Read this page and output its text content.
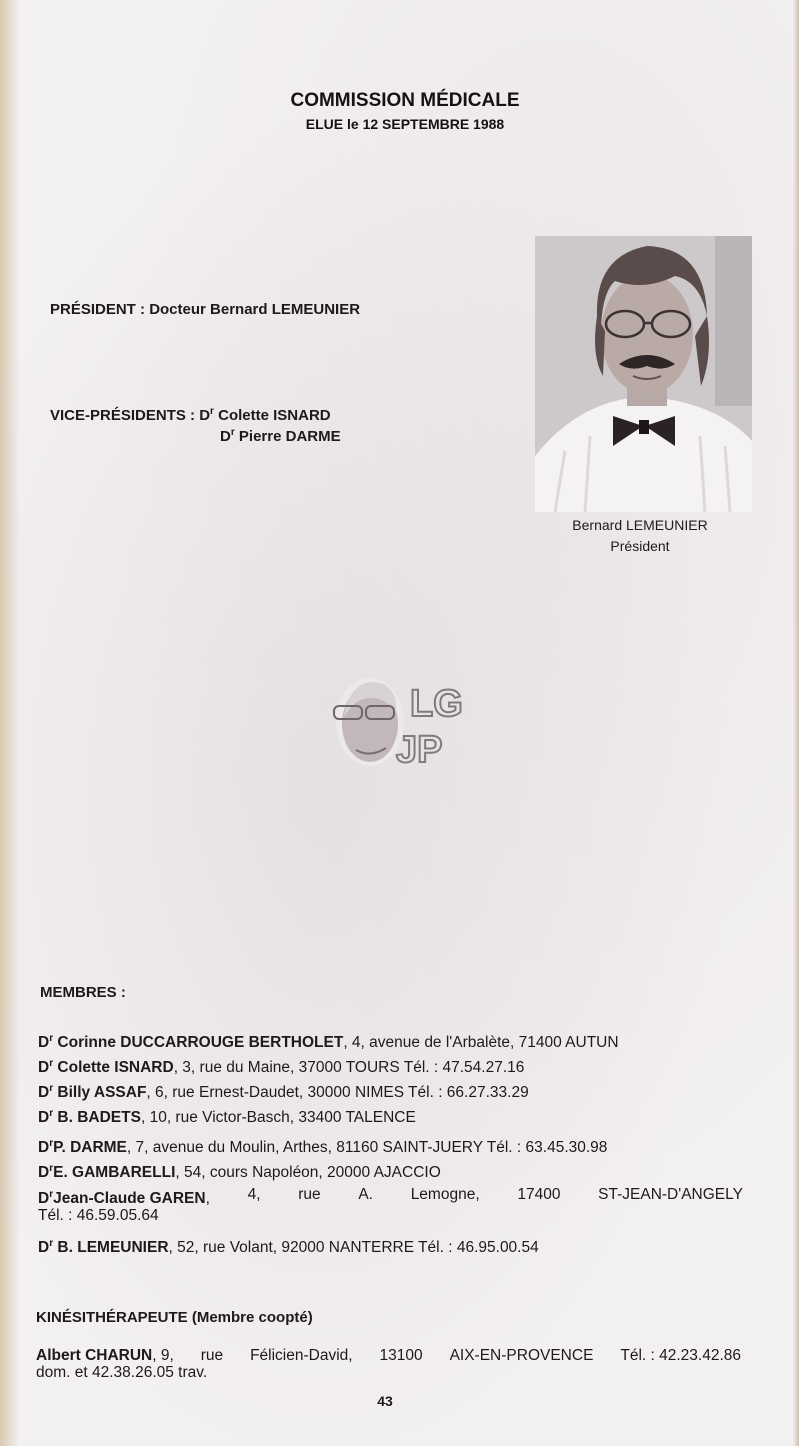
COMMISSION MÉDICALE
ELUE le 12 SEPTEMBRE 1988
PRÉSIDENT : Docteur Bernard LEMEUNIER
VICE-PRÉSIDENTS : $D^r$ Colette ISNARD
$D^r$ Pierre DARME
Bernard LEMEUNIER
Président
LG
JP
MEMBRES :
$D^r$ Corinne DUCCARROUGE BERTHOLET, 4, avenue de l'Arbalète, 71400 AUTUN
$D^r$ Colette ISNARD, 3, rue du Maine, 37000 TOURS Tél. : 47.54.27.16
$D^r$ Billy ASSAF, 6, rue Ernest-Daudet, 30000 NIMES Tél. : 66.27.33.29
$D^r$ B. BADETS, 10, rue Victor-Basch, 33400 TALENCE
$D^rP$. DARME, 7, avenue du Moulin, Arthes, 81160 SAINT-JUERY Tél. : 63.45.30.98
$D^rE$. GAMBARELLI, 54, cours Napoléon, 20000 AJACCIO
$D^rJean$-Claude GAREN, 4, rue A. Lemogne, 17400 ST-JEAN-D'ANGELY
Tél. : 46.59.05.64
$D^r$ B. LEMEUNIER, 52, rue Volant, 92000 NANTERRE Tél. : 46.95.00.54
KINÉSITHÉRAPEUTE (Membre coopté)
Albert CHARUN, 9, rue Félicien-David, 13100 AIX-EN-PROVENCE Tél. : 42.23.42.86
dom. et 42.38.26.05 trav.
43
